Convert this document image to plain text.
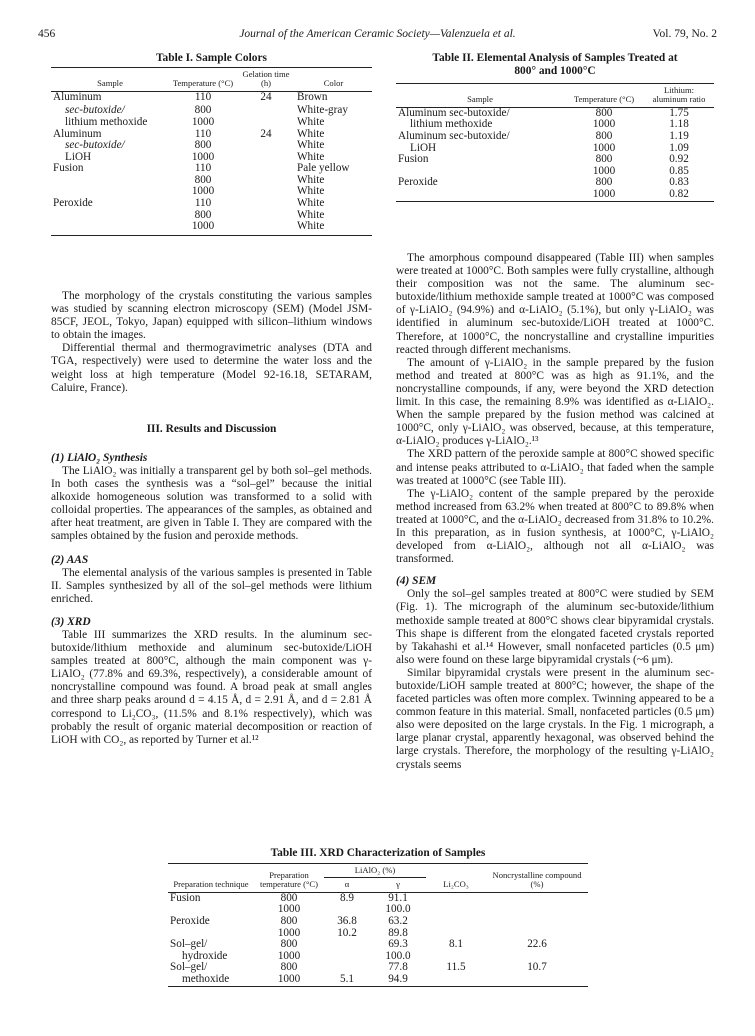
456	Journal of the American Ceramic Society—Valenzuela et al.	Vol. 79, No. 2
Table I. Sample Colors
Sample	Temperature (°C)	Gelation time (h)	Color
Aluminum	110	24	Brown
sec-butoxide/	800		White-gray
lithium methoxide	1000		White
Aluminum	110	24	White
sec-butoxide/	800		White
LiOH	1000		White
Fusion	110		Pale yellow
	800		White
	1000		White
Peroxide	110		White
	800		White
	1000		White

The morphology of the crystals constituting the various samples was studied by scanning electron microscopy (SEM) (Model JSM-85CF, JEOL, Tokyo, Japan) equipped with silicon–lithium windows to obtain the images.

Differential thermal and thermogravimetric analyses (DTA and TGA, respectively) were used to determine the water loss and the weight loss at high temperature (Model 92-16.18, SETARAM, Caluire, France).

III. Results and Discussion
(1) LiAlO₂ Synthesis

The LiAlO₂ was initially a transparent gel by both sol–gel methods. In both cases the synthesis was a “sol–gel” because the initial alkoxide homogeneous solution was transformed to a solid with colloidal properties. The appearances of the samples, as obtained and after heat treatment, are given in Table I. They are compared with the samples obtained by the fusion and peroxide methods.

(2) AAS

The elemental analysis of the various samples is presented in Table II. Samples synthesized by all of the sol–gel methods were lithium enriched.

(3) XRD

Table III summarizes the XRD results. In the aluminum sec-butoxide/lithium methoxide and aluminum sec-butoxide/LiOH samples treated at 800°C, although the main component was γ-LiAlO₂ (77.8% and 69.3%, respectively), a considerable amount of noncrystalline compound was found. A broad peak at small angles and three sharp peaks around d = 4.15 Å, d = 2.91 Å, and d = 2.81 Å correspond to Li₂CO₃, (11.5% and 8.1% respectively), which was probably the result of organic material decomposition or reaction of LiOH with CO₂, as reported by Turner et al.¹²

Table II. Elemental Analysis of Samples Treated at
800° and 1000°C
Sample	Temperature (°C)	Lithium: aluminum ratio
Aluminum sec-butoxide/	800	1.75
lithium methoxide	1000	1.18
Aluminum sec-butoxide/	800	1.19
LiOH	1000	1.09
Fusion	800	0.92
	1000	0.85
Peroxide	800	0.83
	1000	0.82

The amorphous compound disappeared (Table III) when samples were treated at 1000°C. Both samples were fully crystalline, although their composition was not the same. The aluminum sec-butoxide/lithium methoxide sample treated at 1000°C was composed of γ-LiAlO₂ (94.9%) and α-LiAlO₂ (5.1%), but only γ-LiAlO₂ was identified in aluminum sec-butoxide/LiOH treated at 1000°C. Therefore, at 1000°C, the noncrystalline and crystalline impurities reacted through different mechanisms.

The amount of γ-LiAlO₂ in the sample prepared by the fusion method and treated at 800°C was as high as 91.1%, and the noncrystalline compounds, if any, were beyond the XRD detection limit. In this case, the remaining 8.9% was identified as α-LiAlO₂. When the sample prepared by the fusion method was calcined at 1000°C, only γ-LiAlO₂ was observed, because, at this temperature, α-LiAlO₂ produces γ-LiAlO₂.¹³

The XRD pattern of the peroxide sample at 800°C showed specific and intense peaks attributed to α-LiAlO₂ that faded when the sample was treated at 1000°C (see Table III).

The γ-LiAlO₂ content of the sample prepared by the peroxide method increased from 63.2% when treated at 800°C to 89.8% when treated at 1000°C, and the α-LiAlO₂ decreased from 31.8% to 10.2%. In this preparation, as in fusion synthesis, at 1000°C, γ-LiAlO₂ developed from α-LiAlO₂, although not all α-LiAlO₂ was transformed.

(4) SEM

Only the sol–gel samples treated at 800°C were studied by SEM (Fig. 1). The micrograph of the aluminum sec-butoxide/lithium methoxide sample treated at 800°C shows clear bipyramidal crystals. This shape is different from the elongated faceted crystals reported by Takahashi et al.¹⁴ However, small nonfaceted particles (0.5 μm) also were found on these large bipyramidal crystals (~6 μm).

Similar bipyramidal crystals were present in the aluminum sec-butoxide/LiOH sample treated at 800°C; however, the shape of the faceted particles was often more complex. Twinning appeared to be a common feature in this material. Small, nonfaceted particles (0.5 μm) also were deposited on the large crystals. In the Fig. 1 micrograph, a large planar crystal, apparently hexagonal, was observed behind the large crystals. Therefore, the morphology of the resulting γ-LiAlO₂ crystals seems

Table III. XRD Characterization of Samples
Preparation technique	Preparation temperature (°C)	LiAlO₂ (%)		Li₂CO₃	Noncrystalline compound (%)
		α	γ		
Fusion	800	8.9	91.1		
	1000		100.0		
Peroxide	800	36.8	63.2		
	1000	10.2	89.8		
Sol–gel/	800		69.3	8.1	22.6
hydroxide	1000		100.0		
Sol–gel/	800		77.8	11.5	10.7
methoxide	1000	5.1	94.9		
